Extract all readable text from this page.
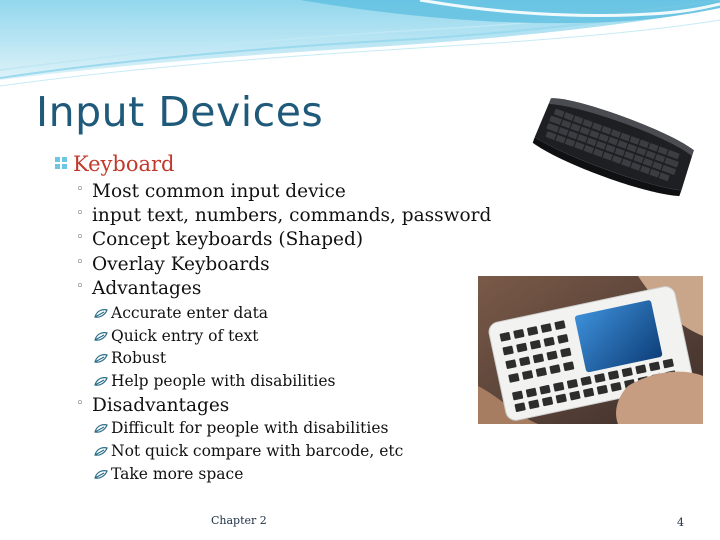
Input Devices
Keyboard
◦ Most common input device
◦ input text, numbers, commands, password
◦ Concept keyboards (Shaped)
◦ Overlay Keyboards
◦ Advantages
Accurate enter data
Quick entry of text
Robust
Help people with disabilities
◦ Disadvantages
Difficult for people with disabilities
Not quick compare with barcode, etc
Take more space
Chapter 2	4
